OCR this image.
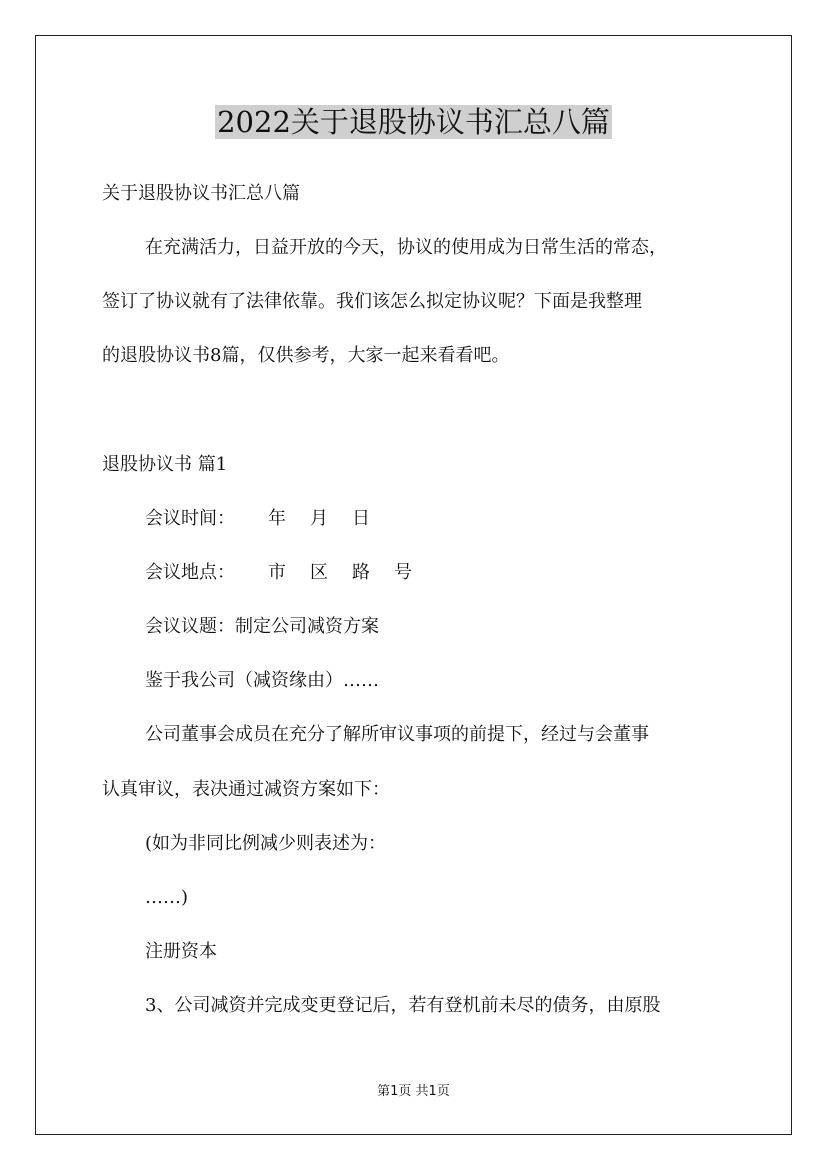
2022关于退股协议书汇总八篇
关于退股协议书汇总八篇
在充满活力，日益开放的今天，协议的使用成为日常生活的常态，
签订了协议就有了法律依靠。我们该怎么拟定协议呢？下面是我整理
的退股协议书8篇，仅供参考，大家一起来看看吧。
退股协议书 篇1
会议时间： 年 月 日
会议地点： 市 区 路 号
会议议题：制定公司减资方案
鉴于我公司（减资缘由）……
公司董事会成员在充分了解所审议事项的前提下，经过与会董事
认真审议，表决通过减资方案如下：
(如为非同比例减少则表述为：
……)
注册资本
3、公司减资并完成变更登记后，若有登机前未尽的债务，由原股
第1页 共1页
